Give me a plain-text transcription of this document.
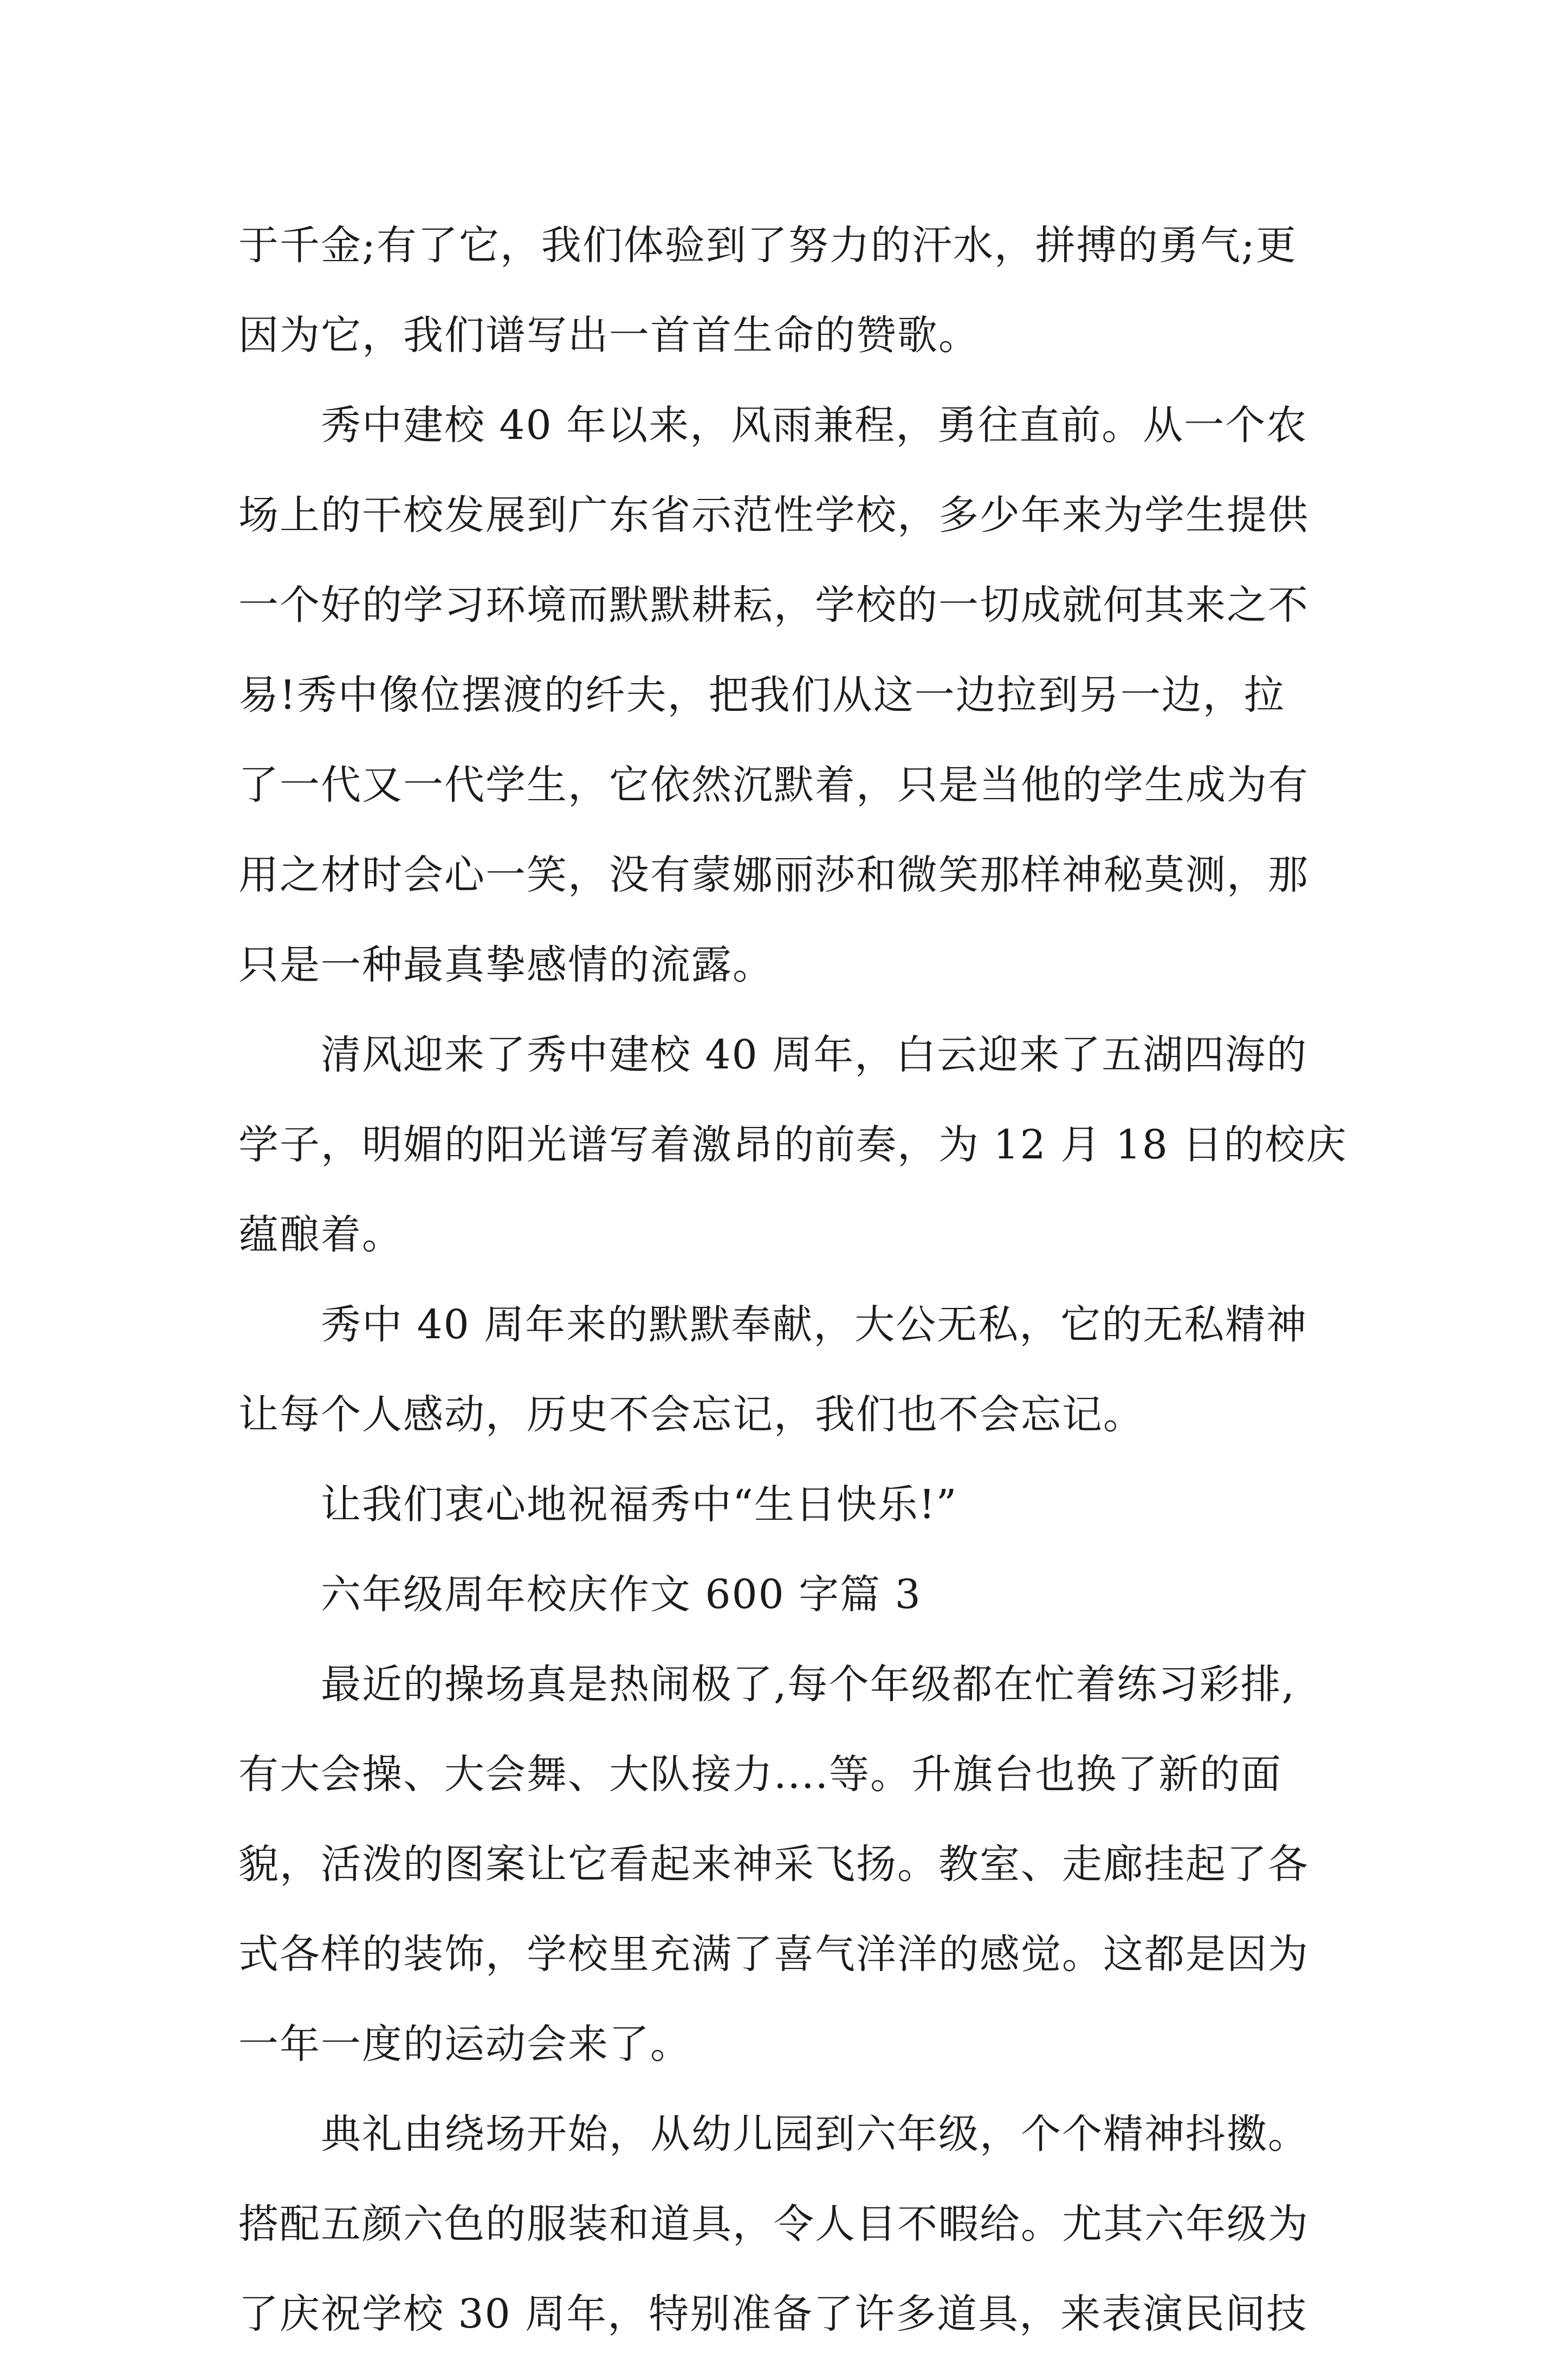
于千金;有了它，我们体验到了努力的汗水，拼搏的勇气;更
因为它，我们谱写出一首首生命的赞歌。
秀中建校 40 年以来，风雨兼程，勇往直前。从一个农
场上的干校发展到广东省示范性学校，多少年来为学生提供
一个好的学习环境而默默耕耘，学校的一切成就何其来之不
易!秀中像位摆渡的纤夫，把我们从这一边拉到另一边，拉
了一代又一代学生，它依然沉默着，只是当他的学生成为有
用之材时会心一笑，没有蒙娜丽莎和微笑那样神秘莫测，那
只是一种最真挚感情的流露。
清风迎来了秀中建校 40 周年，白云迎来了五湖四海的
学子，明媚的阳光谱写着激昂的前奏，为 12 月 18 日的校庆
蕴酿着。
秀中 40 周年来的默默奉献，大公无私，它的无私精神
让每个人感动，历史不会忘记，我们也不会忘记。
让我们衷心地祝福秀中“生日快乐!”
六年级周年校庆作文 600 字篇 3
最近的操场真是热闹极了,每个年级都在忙着练习彩排,
有大会操、大会舞、大队接力....等。升旗台也换了新的面
貌，活泼的图案让它看起来神采飞扬。教室、走廊挂起了各
式各样的装饰，学校里充满了喜气洋洋的感觉。这都是因为
一年一度的运动会来了。
典礼由绕场开始，从幼儿园到六年级，个个精神抖擞。
搭配五颜六色的服装和道具，令人目不暇给。尤其六年级为
了庆祝学校 30 周年，特别准备了许多道具，来表演民间技
